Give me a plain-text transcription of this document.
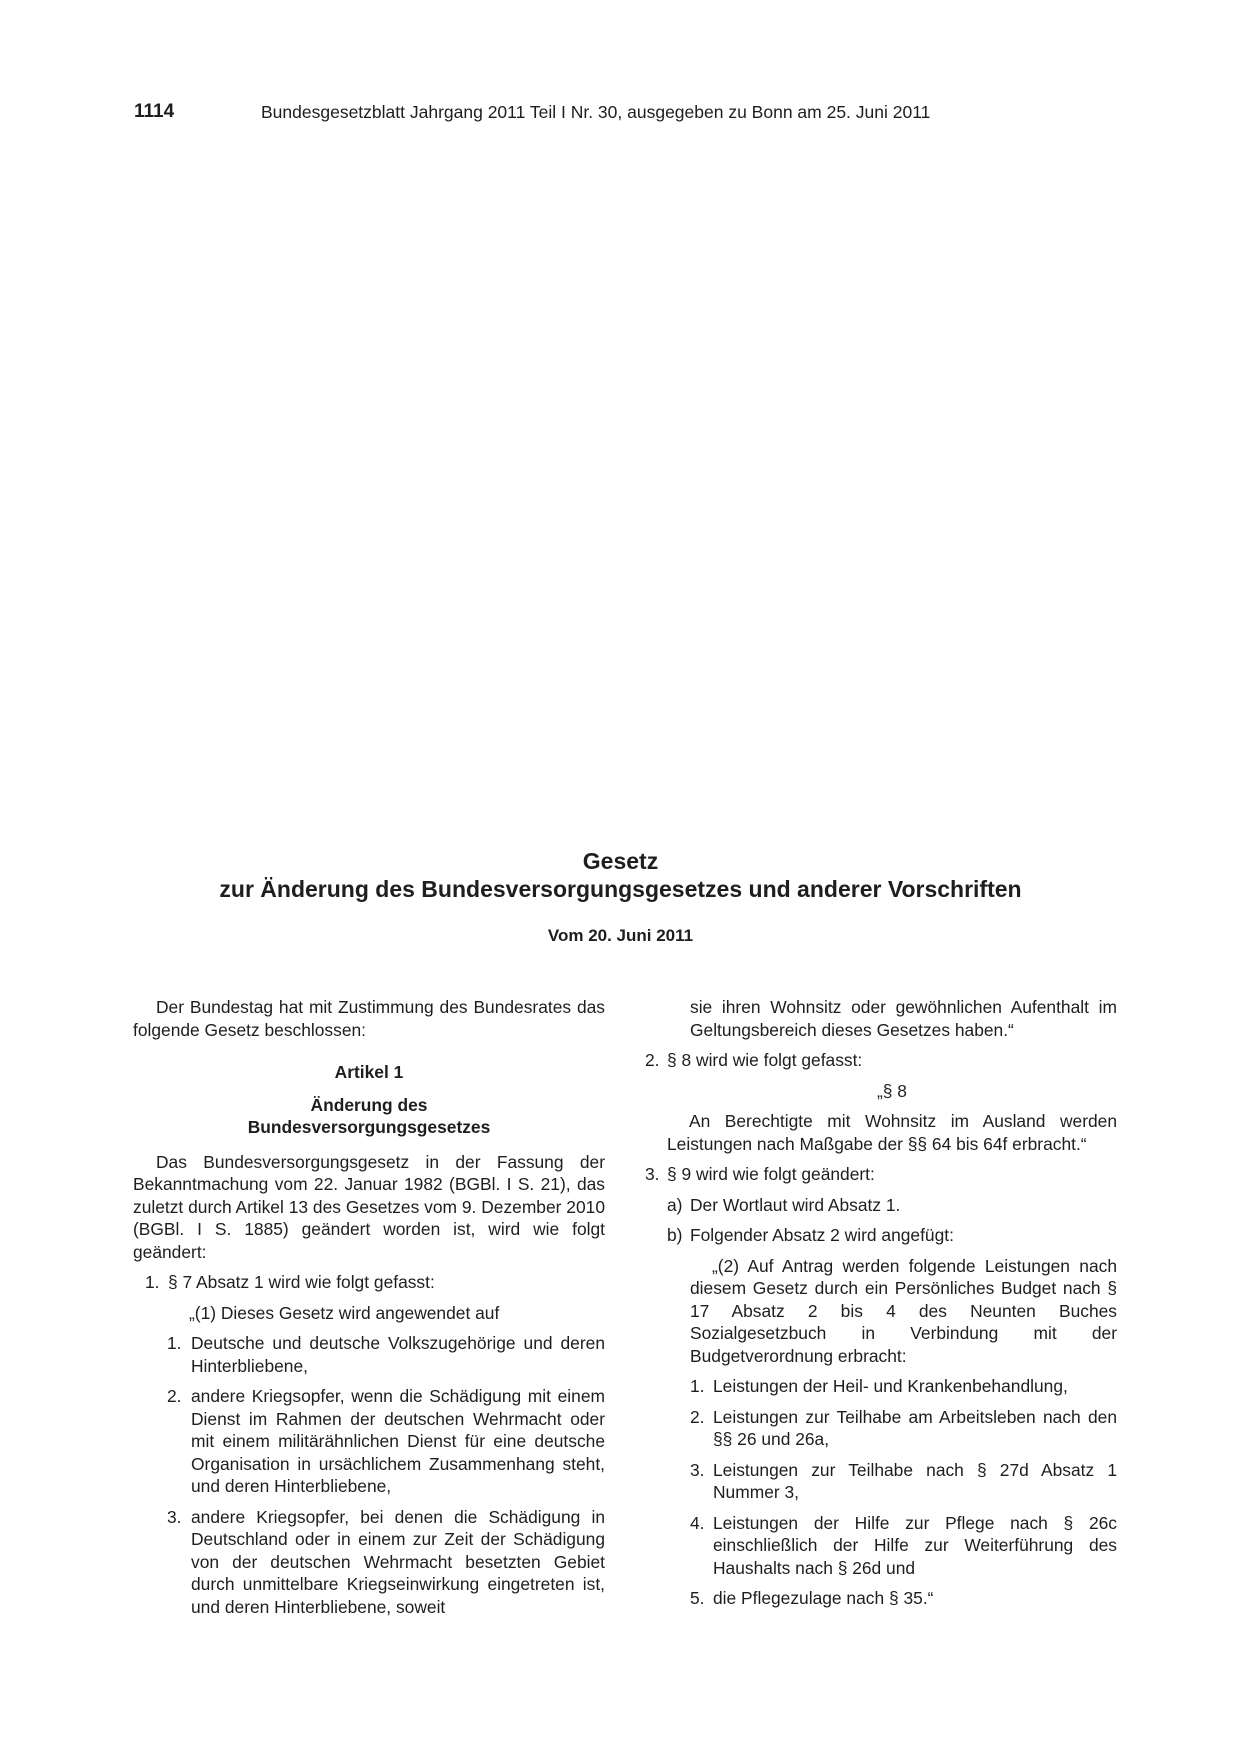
1114	Bundesgesetzblatt Jahrgang 2011 Teil I Nr. 30, ausgegeben zu Bonn am 25. Juni 2011
Gesetz
zur Änderung des Bundesversorgungsgesetzes und anderer Vorschriften
Vom 20. Juni 2011

Der Bundestag hat mit Zustimmung des Bundesrates das folgende Gesetz beschlossen:

Artikel 1

Änderung des

Bundesversorgungsgesetzes

Das Bundesversorgungsgesetz in der Fassung der Bekanntmachung vom 22. Januar 1982 (BGBl. I S. 21), das zuletzt durch Artikel 13 des Gesetzes vom 9. Dezember 2010 (BGBl. I S. 1885) geändert worden ist, wird wie folgt geändert:

1. § 7 Absatz 1 wird wie folgt gefasst:

„(1) Dieses Gesetz wird angewendet auf

1. Deutsche und deutsche Volkszugehörige und deren Hinterbliebene,
2. andere Kriegsopfer, wenn die Schädigung mit einem Dienst im Rahmen der deutschen Wehrmacht oder mit einem militärähnlichen Dienst für eine deutsche Organisation in ursächlichem Zusammenhang steht, und deren Hinterbliebene,
3. andere Kriegsopfer, bei denen die Schädigung in Deutschland oder in einem zur Zeit der Schädigung von der deutschen Wehrmacht besetzten Gebiet durch unmittelbare Kriegseinwirkung eingetreten ist, und deren Hinterbliebene, soweit

sie ihren Wohnsitz oder gewöhnlichen Aufenthalt im Geltungsbereich dieses Gesetzes haben.“

2. § 8 wird wie folgt gefasst:

„§ 8

An Berechtigte mit Wohnsitz im Ausland werden Leistungen nach Maßgabe der §§ 64 bis 64f erbracht.“

3. § 9 wird wie folgt geändert:
a) Der Wortlaut wird Absatz 1.
b) Folgender Absatz 2 wird angefügt:

„(2) Auf Antrag werden folgende Leistungen nach diesem Gesetz durch ein Persönliches Budget nach § 17 Absatz 2 bis 4 des Neunten Buches Sozialgesetzbuch in Verbindung mit der Budgetverordnung erbracht:

1. Leistungen der Heil- und Krankenbehandlung,
2. Leistungen zur Teilhabe am Arbeitsleben nach den §§ 26 und 26a,
3. Leistungen zur Teilhabe nach § 27d Absatz 1 Nummer 3,
4. Leistungen der Hilfe zur Pflege nach § 26c einschließlich der Hilfe zur Weiterführung des Haushalts nach § 26d und
5. die Pflegezulage nach § 35.“
